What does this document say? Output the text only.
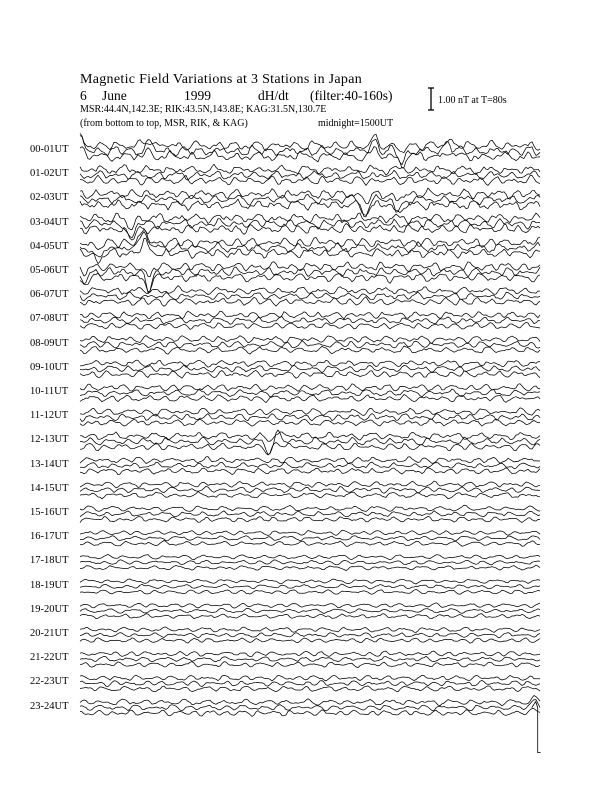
Magnetic Field Variations at 3 Stations in Japan
6 June	1999	dH/dt (filter:40-160s)
MSR:44.4N,142.3E; RIK:43.5N,143.8E; KAG:31.5N,130.7E
(from bottom to top, MSR, RIK, & KAG)	midnight=1500UT
1.00 nT at T=80s
00-01UT
01-02UT
02-03UT
03-04UT
04-05UT
05-06UT
06-07UT
07-08UT
08-09UT
09-10UT
10-11UT
11-12UT
12-13UT
13-14UT
14-15UT
15-16UT
16-17UT
17-18UT
18-19UT
19-20UT
20-21UT
21-22UT
22-23UT
23-24UT
